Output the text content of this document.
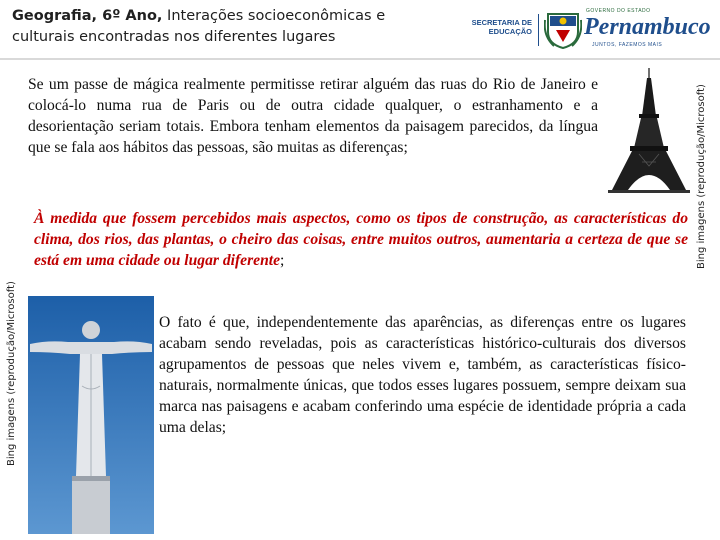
Geografia, 6º Ano, Interações socioeconômicas e culturais encontradas nos diferentes lugares
SECRETARIA DE EDUCAÇÃO
GOVERNO DO ESTADO
Pernambuco
JUNTOS, FAZEMOS MAIS
Se um passe de mágica realmente permitisse retirar alguém das ruas do Rio de Janeiro e colocá-lo numa rua de Paris ou de outra cidade qualquer, o estranhamento e a desorientação seriam totais. Embora tenham elementos da paisagem parecidos, da língua que se fala aos hábitos das pessoas, são muitas as diferenças;
À medida que fossem percebidos mais aspectos, como os tipos de construção, as características do clima, dos rios, das plantas, o cheiro das coisas, entre muitos outros, aumentaria a certeza de que se está em uma cidade ou lugar diferente;
O fato é que, independentemente das aparências, as diferenças entre os lugares acabam sendo reveladas, pois as características histórico-culturais dos diversos agrupamentos de pessoas que neles vivem e, também, as características físico-naturais, normalmente únicas, que todos esses lugares possuem, sempre deixam sua marca nas paisagens e acabam conferindo uma espécie de identidade própria a cada uma delas;
Bing imagens (reprodução/Microsoft)
Bing imagens (reprodução/Microsoft)
